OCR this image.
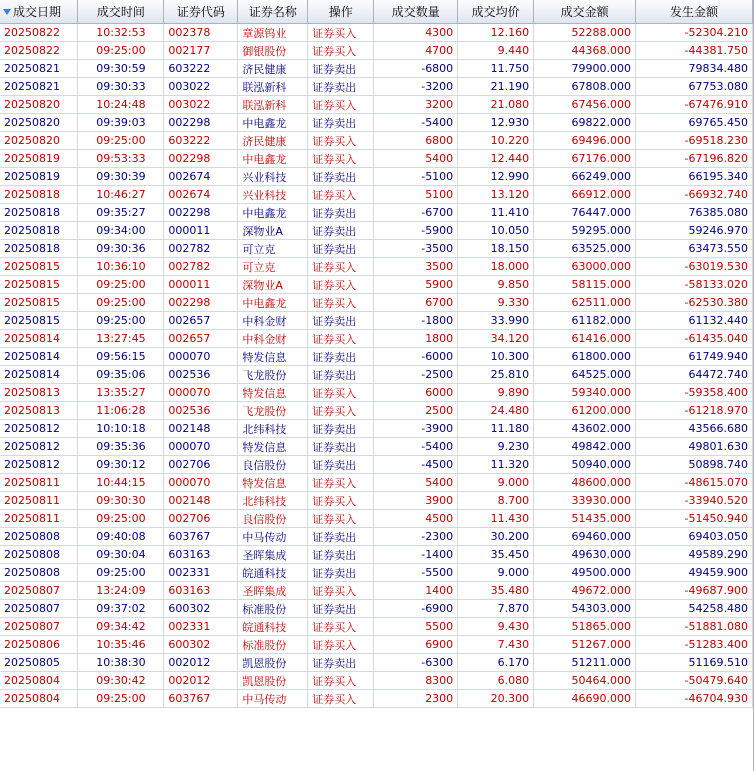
成交日期	成交时间	证券代码	证券名称	操作	成交数量	成交均价	成交金额	发生金额
20250822	10:32:53	002378	章源钨业	证券买入	4300	12.160	52288.000	-52304.210
20250822	09:25:00	002177	御银股份	证券买入	4700	9.440	44368.000	-44381.750
20250821	09:30:59	603222	济民健康	证券卖出	-6800	11.750	79900.000	79834.480
20250821	09:30:33	003022	联泓新科	证券卖出	-3200	21.190	67808.000	67753.080
20250820	10:24:48	003022	联泓新科	证券买入	3200	21.080	67456.000	-67476.910
20250820	09:39:03	002298	中电鑫龙	证券卖出	-5400	12.930	69822.000	69765.450
20250820	09:25:00	603222	济民健康	证券买入	6800	10.220	69496.000	-69518.230
20250819	09:53:33	002298	中电鑫龙	证券买入	5400	12.440	67176.000	-67196.820
20250819	09:30:39	002674	兴业科技	证券卖出	-5100	12.990	66249.000	66195.340
20250818	10:46:27	002674	兴业科技	证券买入	5100	13.120	66912.000	-66932.740
20250818	09:35:27	002298	中电鑫龙	证券卖出	-6700	11.410	76447.000	76385.080
20250818	09:34:00	000011	深物业A	证券卖出	-5900	10.050	59295.000	59246.970
20250818	09:30:36	002782	可立克	证券卖出	-3500	18.150	63525.000	63473.550
20250815	10:36:10	002782	可立克	证券买入	3500	18.000	63000.000	-63019.530
20250815	09:25:00	000011	深物业A	证券买入	5900	9.850	58115.000	-58133.020
20250815	09:25:00	002298	中电鑫龙	证券买入	6700	9.330	62511.000	-62530.380
20250815	09:25:00	002657	中科金财	证券卖出	-1800	33.990	61182.000	61132.440
20250814	13:27:45	002657	中科金财	证券买入	1800	34.120	61416.000	-61435.040
20250814	09:56:15	000070	特发信息	证券卖出	-6000	10.300	61800.000	61749.940
20250814	09:35:06	002536	飞龙股份	证券卖出	-2500	25.810	64525.000	64472.740
20250813	13:35:27	000070	特发信息	证券买入	6000	9.890	59340.000	-59358.400
20250813	11:06:28	002536	飞龙股份	证券买入	2500	24.480	61200.000	-61218.970
20250812	10:10:18	002148	北纬科技	证券卖出	-3900	11.180	43602.000	43566.680
20250812	09:35:36	000070	特发信息	证券卖出	-5400	9.230	49842.000	49801.630
20250812	09:30:12	002706	良信股份	证券卖出	-4500	11.320	50940.000	50898.740
20250811	10:44:15	000070	特发信息	证券买入	5400	9.000	48600.000	-48615.070
20250811	09:30:30	002148	北纬科技	证券买入	3900	8.700	33930.000	-33940.520
20250811	09:25:00	002706	良信股份	证券买入	4500	11.430	51435.000	-51450.940
20250808	09:40:08	603767	中马传动	证券卖出	-2300	30.200	69460.000	69403.050
20250808	09:30:04	603163	圣晖集成	证券卖出	-1400	35.450	49630.000	49589.290
20250808	09:25:00	002331	皖通科技	证券卖出	-5500	9.000	49500.000	49459.900
20250807	13:24:09	603163	圣晖集成	证券买入	1400	35.480	49672.000	-49687.900
20250807	09:37:02	600302	标准股份	证券卖出	-6900	7.870	54303.000	54258.480
20250807	09:34:42	002331	皖通科技	证券买入	5500	9.430	51865.000	-51881.080
20250806	10:35:46	600302	标准股份	证券买入	6900	7.430	51267.000	-51283.400
20250805	10:38:30	002012	凯恩股份	证券卖出	-6300	6.170	51211.000	51169.510
20250804	09:30:42	002012	凯恩股份	证券买入	8300	6.080	50464.000	-50479.640
20250804	09:25:00	603767	中马传动	证券买入	2300	20.300	46690.000	-46704.930
